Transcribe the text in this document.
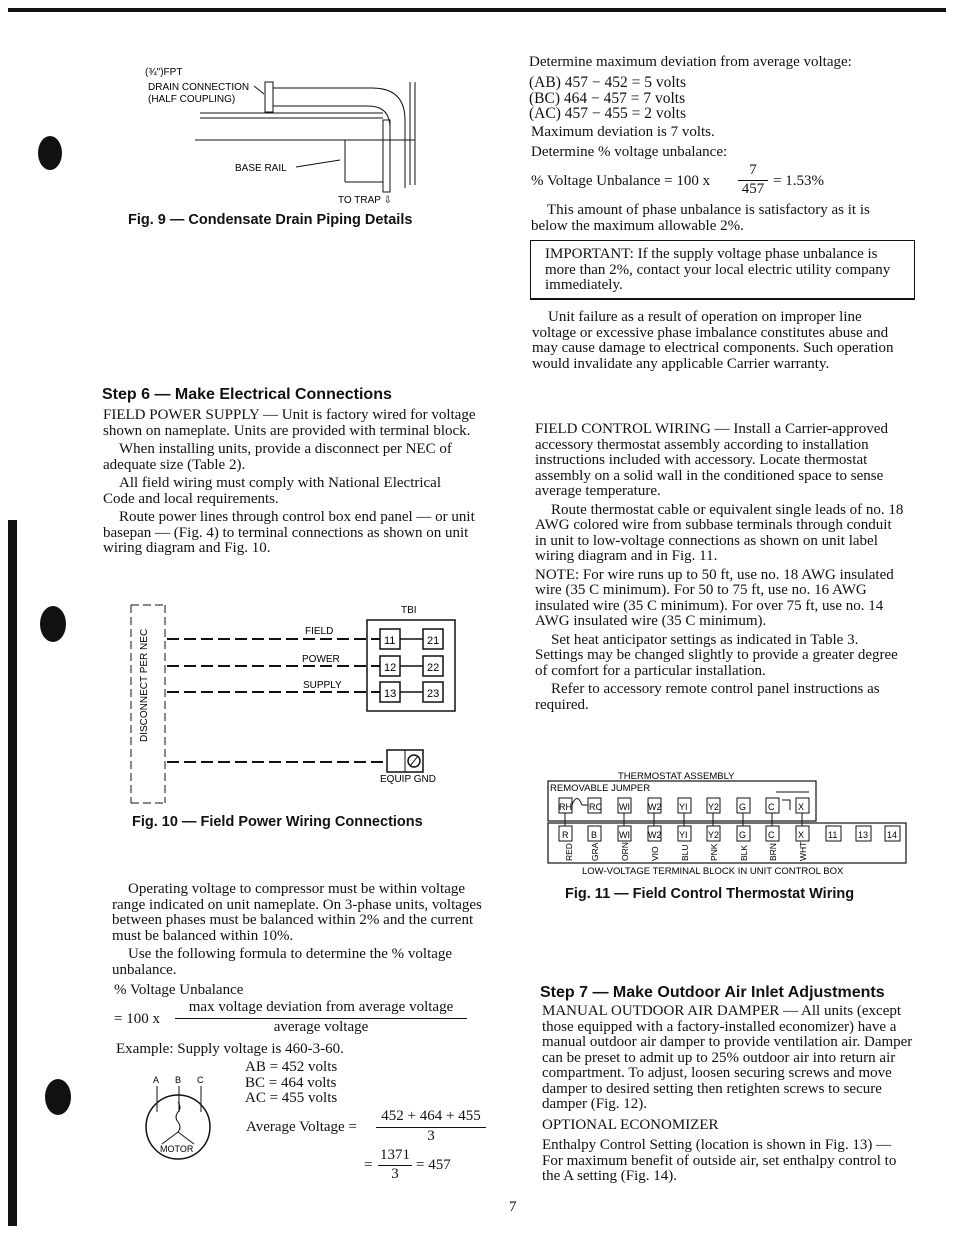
(¾")FPT
DRAIN CONNECTION
(HALF COUPLING)
BASE RAIL
TO TRAP ⇩
Fig. 9 — Condensate Drain Piping Details
Step 6 — Make Electrical Connections

FIELD POWER SUPPLY — Unit is factory wired for voltage shown on nameplate. Units are provided with terminal block.

When installing units, provide a disconnect per NEC of adequate size (Table 2).

All field wiring must comply with National Electrical Code and local requirements.

Route power lines through control box end panel — or unit basepan — (Fig. 4) to terminal connections as shown on unit wiring diagram and Fig. 10.

DISCONNECT PER NEC
TBI
FIELD
POWER
SUPPLY
11
12
13
21
22
23
EQUIP GND
Fig. 10 — Field Power Wiring Connections

Operating voltage to compressor must be within voltage range indicated on unit nameplate. On 3-phase units, voltages between phases must be balanced within 2% and the current must be balanced within 10%.

Use the following formula to determine the % voltage unbalance.

% Voltage Unbalance
= 100 x
max voltage deviation from average voltage
average voltage
Example: Supply voltage is 460-3-60.
A B C
MOTOR

AB = 452 volts

BC = 464 volts

AC = 455 volts

Average Voltage =
452 + 464 + 455
3
=
1371
3
= 457
Determine maximum deviation from average voltage:

(AB) 457 − 452 = 5 volts

(BC) 464 − 457 = 7 volts

(AC) 457 − 455 = 2 volts

Maximum deviation is 7 volts.
Determine % voltage unbalance:
% Voltage Unbalance = 100 x
7
457 = 1.53%

This amount of phase unbalance is satisfactory as it is below the maximum allowable 2%.

IMPORTANT: If the supply voltage phase unbalance is more than 2%, contact your local electric utility company immediately.

Unit failure as a result of operation on improper line voltage or excessive phase imbalance constitutes abuse and may cause damage to electrical components. Such operation would invalidate any applicable Carrier warranty.

FIELD CONTROL WIRING — Install a Carrier-approved accessory thermostat assembly according to installation instructions included with accessory. Locate thermostat assembly on a solid wall in the conditioned space to sense average temperature.

Route thermostat cable or equivalent single leads of no. 18 AWG colored wire from subbase terminals through conduit in unit to low-voltage connections as shown on unit label wiring diagram and in Fig. 11.

NOTE: For wire runs up to 50 ft, use no. 18 AWG insulated wire (35 C minimum). For 50 to 75 ft, use no. 16 AWG insulated wire (35 C minimum). For over 75 ft, use no. 14 AWG insulated wire (35 C minimum).

Set heat anticipator settings as indicated in Table 3. Settings may be changed slightly to provide a greater degree of comfort for a particular installation.

Refer to accessory remote control panel instructions as required.

THERMOSTAT ASSEMBLY
REMOVABLE JUMPER
RH RC WI W2 YI Y2 G C	X
R	B WI W2 YI Y2 G C	X	11 13 14
RED GRA ORN VIO BLU PNK BLK BRN WHT
LOW-VOLTAGE TERMINAL BLOCK IN UNIT CONTROL BOX
Fig. 11 — Field Control Thermostat Wiring
Step 7 — Make Outdoor Air Inlet Adjustments

MANUAL OUTDOOR AIR DAMPER — All units (except those equipped with a factory-installed economizer) have a manual outdoor air damper to provide ventilation air. Damper can be preset to admit up to 25% outdoor air into return air compartment. To adjust, loosen securing screws and move damper to desired setting then retighten screws to secure damper (Fig. 12).

OPTIONAL ECONOMIZER

Enthalpy Control Setting (location is shown in Fig. 13) — For maximum benefit of outside air, set enthalpy control to the A setting (Fig. 14).

7
